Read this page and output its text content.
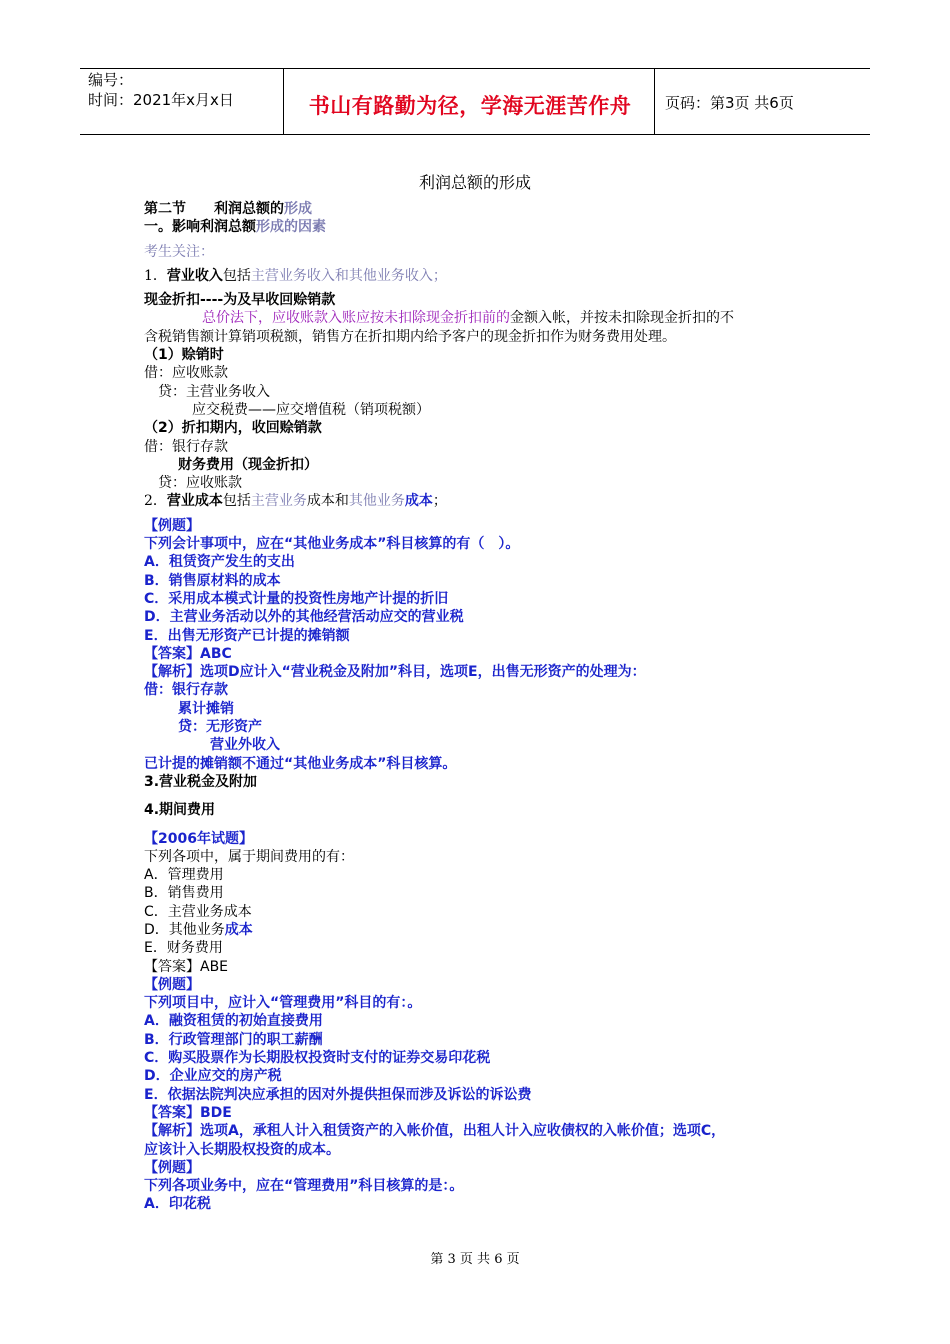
编号：
时间：2021年x月x日	书山有路勤为径，学海无涯苦作舟	页码：第3页 共6页
利润总额的形成
第二节　　利润总额的形成
一。影响利润总额形成的因素
考生关注：
1．营业收入包括主营业务收入和其他业务收入；
现金折扣----为及早收回赊销款
总价法下，应收账款入账应按未扣除现金折扣前的金额入帐，并按未扣除现金折扣的不
含税销售额计算销项税额，销售方在折扣期内给予客户的现金折扣作为财务费用处理。
（1）赊销时
借：应收账款
贷：主营业务收入
应交税费——应交增值税（销项税额）
（2）折扣期内，收回赊销款
借：银行存款
财务费用（现金折扣）
贷：应收账款
2．营业成本包括主营业务成本和其他业务成本；
【例题】
下列会计事项中，应在“其他业务成本”科目核算的有（　）。
A．租赁资产发生的支出
B．销售原材料的成本
C．采用成本模式计量的投资性房地产计提的折旧
D．主营业务活动以外的其他经营活动应交的营业税
E．出售无形资产已计提的摊销额
【答案】ABC
【解析】选项D应计入“营业税金及附加”科目，选项E，出售无形资产的处理为：
借：银行存款
累计摊销
贷：无形资产
营业外收入
已计提的摊销额不通过“其他业务成本”科目核算。
3.营业税金及附加
4.期间费用
【2006年试题】
下列各项中，属于期间费用的有：
A．管理费用
B．销售费用
C．主营业务成本
D．其他业务成本
E．财务费用
【答案】ABE
【例题】
下列项目中，应计入“管理费用”科目的有：。
A．融资租赁的初始直接费用
B．行政管理部门的职工薪酬
C．购买股票作为长期股权投资时支付的证券交易印花税
D．企业应交的房产税
E．依据法院判决应承担的因对外提供担保而涉及诉讼的诉讼费
【答案】BDE
【解析】选项A，承租人计入租赁资产的入帐价值，出租人计入应收债权的入帐价值；选项C，
应该计入长期股权投资的成本。
【例题】
下列各项业务中，应在“管理费用”科目核算的是：。
A．印花税
第 3 页 共 6 页
